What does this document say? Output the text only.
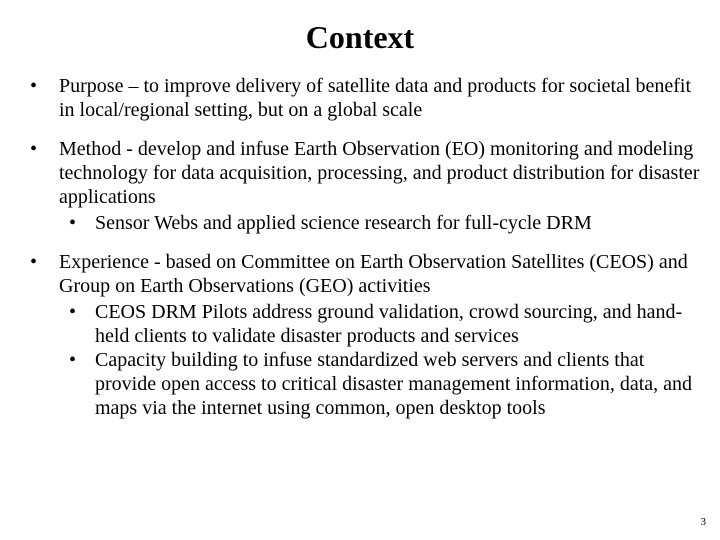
Context
• Purpose – to improve delivery of satellite data and products for societal benefit in local/regional setting, but on a global scale
• Method - develop and infuse Earth Observation (EO) monitoring and modeling technology for data acquisition, processing, and product distribution for disaster applications
• Sensor Webs and applied science research for full-cycle DRM
• Experience - based on Committee on Earth Observation Satellites (CEOS) and Group on Earth Observations (GEO) activities
• CEOS DRM Pilots address ground validation, crowd sourcing, and hand-held clients to validate disaster products and services
• Capacity building to infuse standardized web servers and clients that provide open access to critical disaster management information, data, and maps via the internet using common, open desktop tools
3
